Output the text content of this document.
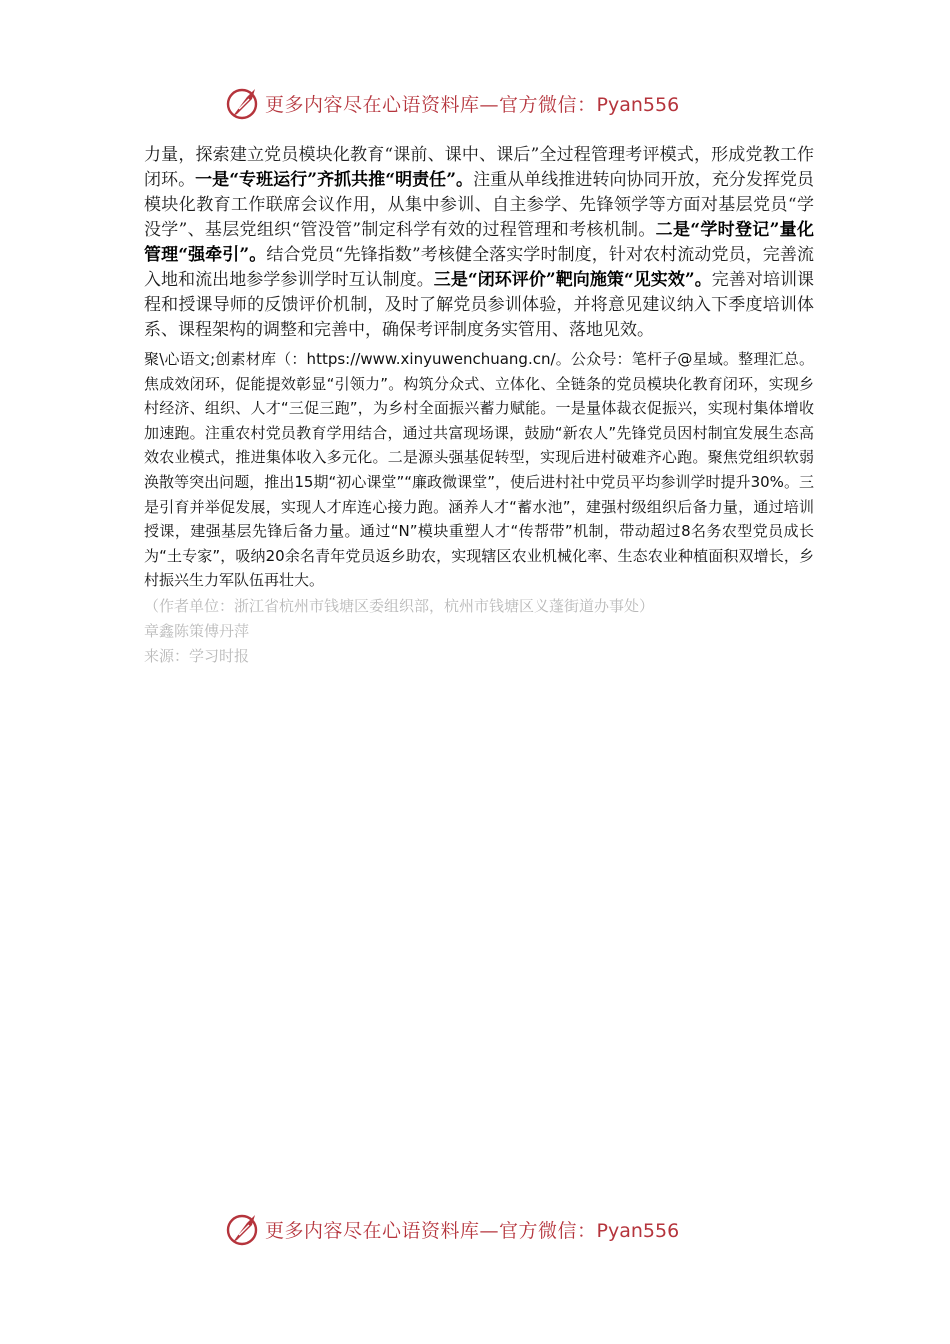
更多内容尽在心语资料库—官方微信：Pyan556

力量，探索建立党员模块化教育“课前、课中、课后”全过程管理考评模式，形成党教工作闭环。一是“专班运行”齐抓共推“明责任”。注重从单线推进转向协同开放，充分发挥党员模块化教育工作联席会议作用，从集中参训、自主参学、先锋领学等方面对基层党员“学没学”、基层党组织“管没管”制定科学有效的过程管理和考核机制。二是“学时登记”量化管理“强牵引”。结合党员“先锋指数”考核健全落实学时制度，针对农村流动党员，完善流入地和流出地参学参训学时互认制度。三是“闭环评价”靶向施策“见实效”。完善对培训课程和授课导师的反馈评价机制，及时了解党员参训体验，并将意见建议纳入下季度培训体系、课程架构的调整和完善中，确保考评制度务实管用、落地见效。

聚\心语文;创素材库（：https://www.xinyuwenchuang.cn/。公众号：笔杆子@星域。整理汇总。焦成效闭环，促能提效彰显“引领力”。构筑分众式、立体化、全链条的党员模块化教育闭环，实现乡村经济、组织、人才“三促三跑”，为乡村全面振兴蓄力赋能。一是量体裁衣促振兴，实现村集体增收加速跑。注重农村党员教育学用结合，通过共富现场课，鼓励“新农人”先锋党员因村制宜发展生态高效农业模式，推进集体收入多元化。二是源头强基促转型，实现后进村破难齐心跑。聚焦党组织软弱涣散等突出问题，推出15期“初心课堂”“廉政微课堂”，使后进村社中党员平均参训学时提升30%。三是引育并举促发展，实现人才库连心接力跑。涵养人才“蓄水池”，建强村级组织后备力量，通过培训授课，建强基层先锋后备力量。通过“N”模块重塑人才“传帮带”机制，带动超过8名务农型党员成长为“土专家”，吸纳20余名青年党员返乡助农，实现辖区农业机械化率、生态农业种植面积双增长，乡村振兴生力军队伍再壮大。

（作者单位：浙江省杭州市钱塘区委组织部，杭州市钱塘区义蓬街道办事处）

章鑫陈策傅丹萍

来源：学习时报

更多内容尽在心语资料库—官方微信：Pyan556
